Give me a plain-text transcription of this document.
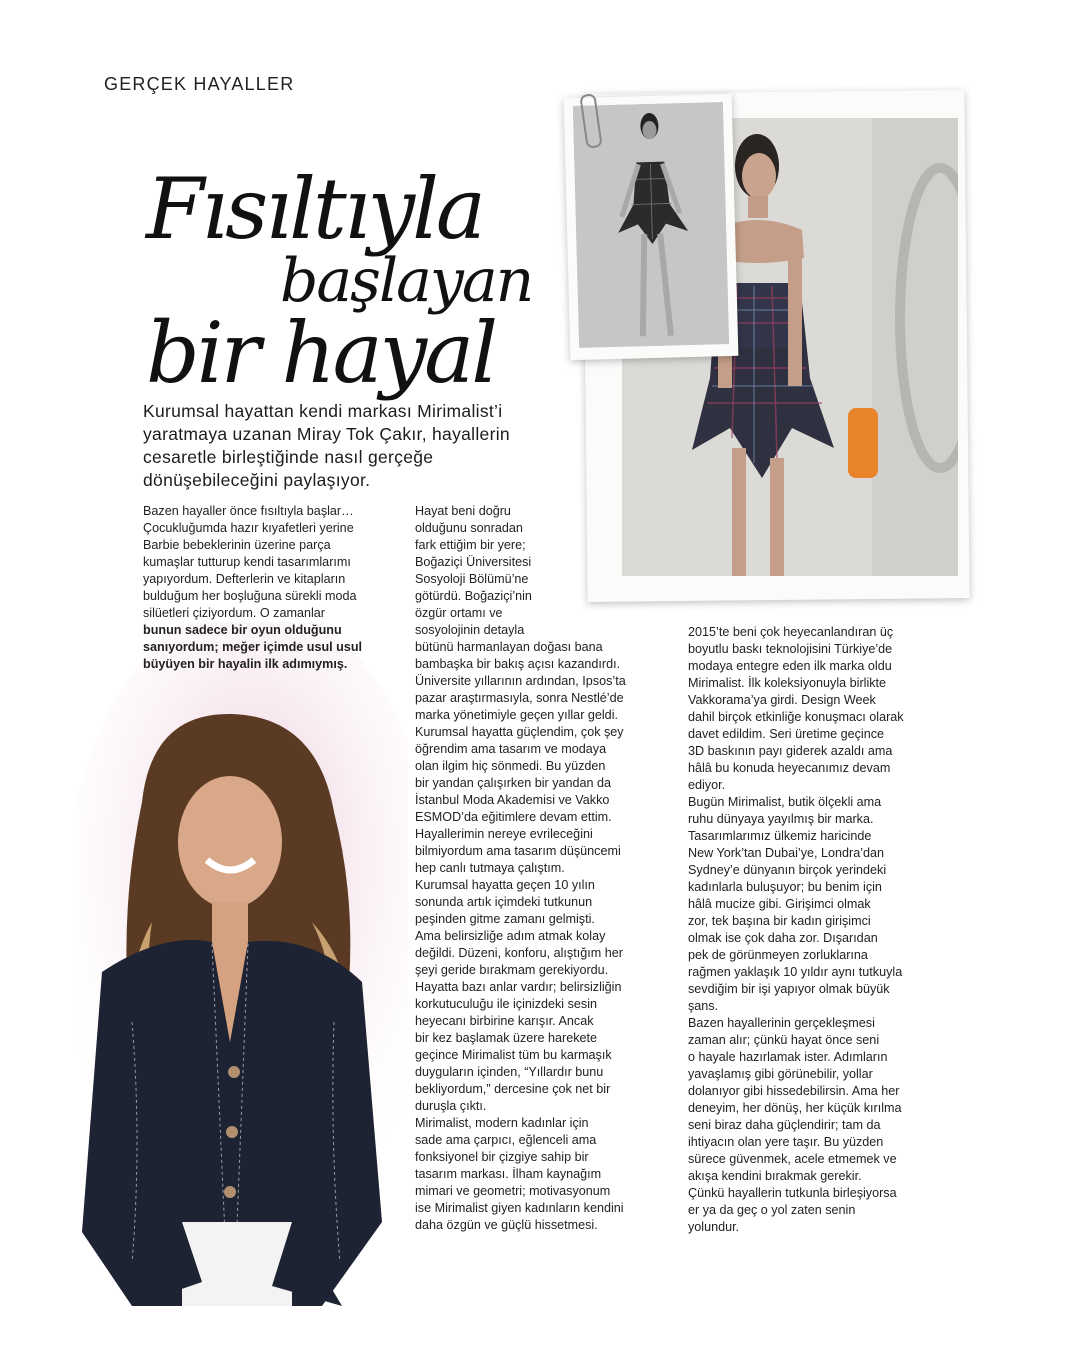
GERÇEK HAYALLER
Fısıltıyla
başlayan
bir hayal

Kurumsal hayattan kendi markası Mirimalist’i

yaratmaya uzanan Miray Tok Çakır, hayallerin

cesaretle birleştiğinde nasıl gerçeğe

dönüşebileceğini paylaşıyor.

Bazen hayaller önce fısıltıyla başlar…

Çocukluğumda hazır kıyafetleri yerine

Barbie bebeklerinin üzerine parça

kumaşlar tutturup kendi tasarımlarımı

yapıyordum. Defterlerin ve kitapların

bulduğum her boşluğuna sürekli moda

silüetleri çiziyordum. O zamanlar

bunun sadece bir oyun olduğunu

sanıyordum; meğer içimde usul usul

büyüyen bir hayalin ilk adımıymış.

Hayat beni doğru

olduğunu sonradan

fark ettiğim bir yere;

Boğaziçi Üniversitesi

Sosyoloji Bölümü’ne

götürdü. Boğaziçi’nin

özgür ortamı ve

sosyolojinin detayla

bütünü harmanlayan doğası bana

bambaşka bir bakış açısı kazandırdı.

Üniversite yıllarının ardından, Ipsos’ta

pazar araştırmasıyla, sonra Nestlé’de

marka yönetimiyle geçen yıllar geldi.

Kurumsal hayatta güçlendim, çok şey

öğrendim ama tasarım ve modaya

olan ilgim hiç sönmedi. Bu yüzden

bir yandan çalışırken bir yandan da

İstanbul Moda Akademisi ve Vakko

ESMOD’da eğitimlere devam ettim.

Hayallerimin nereye evrileceğini

bilmiyordum ama tasarım düşüncemi

hep canlı tutmaya çalıştım.

Kurumsal hayatta geçen 10 yılın

sonunda artık içimdeki tutkunun

peşinden gitme zamanı gelmişti.

Ama belirsizliğe adım atmak kolay

değildi. Düzeni, konforu, alıştığım her

şeyi geride bırakmam gerekiyordu.

Hayatta bazı anlar vardır; belirsizliğin

korkutuculuğu ile içinizdeki sesin

heyecanı birbirine karışır. Ancak

bir kez başlamak üzere harekete

geçince Mirimalist tüm bu karmaşık

duyguların içinden, “Yıllardır bunu

bekliyordum,” dercesine çok net bir

duruşla çıktı.

Mirimalist, modern kadınlar için

sade ama çarpıcı, eğlenceli ama

fonksiyonel bir çizgiye sahip bir

tasarım markası. İlham kaynağım

mimari ve geometri; motivasyonum

ise Mirimalist giyen kadınların kendini

daha özgün ve güçlü hissetmesi.

2015’te beni çok heyecanlandıran üç

boyutlu baskı teknolojisini Türkiye’de

modaya entegre eden ilk marka oldu

Mirimalist. İlk koleksiyonuyla birlikte

Vakkorama’ya girdi. Design Week

dahil birçok etkinliğe konuşmacı olarak

davet edildim. Seri üretime geçince

3D baskının payı giderek azaldı ama

hâlâ bu konuda heyecanımız devam

ediyor.

Bugün Mirimalist, butik ölçekli ama

ruhu dünyaya yayılmış bir marka.

Tasarımlarımız ülkemiz haricinde

New York’tan Dubai’ye, Londra’dan

Sydney’e dünyanın birçok yerindeki

kadınlarla buluşuyor; bu benim için

hâlâ mucize gibi. Girişimci olmak

zor, tek başına bir kadın girişimci

olmak ise çok daha zor. Dışarıdan

pek de görünmeyen zorluklarına

rağmen yaklaşık 10 yıldır aynı tutkuyla

sevdiğim bir işi yapıyor olmak büyük

şans.

Bazen hayallerinin gerçekleşmesi

zaman alır; çünkü hayat önce seni

o hayale hazırlamak ister. Adımların

yavaşlamış gibi görünebilir, yollar

dolanıyor gibi hissedebilirsin. Ama her

deneyim, her dönüş, her küçük kırılma

seni biraz daha güçlendirir; tam da

ihtiyacın olan yere taşır. Bu yüzden

sürece güvenmek, acele etmemek ve

akışa kendini bırakmak gerekir.

Çünkü hayallerin tutkunla birleşiyorsa

er ya da geç o yol zaten senin

yolundur.
